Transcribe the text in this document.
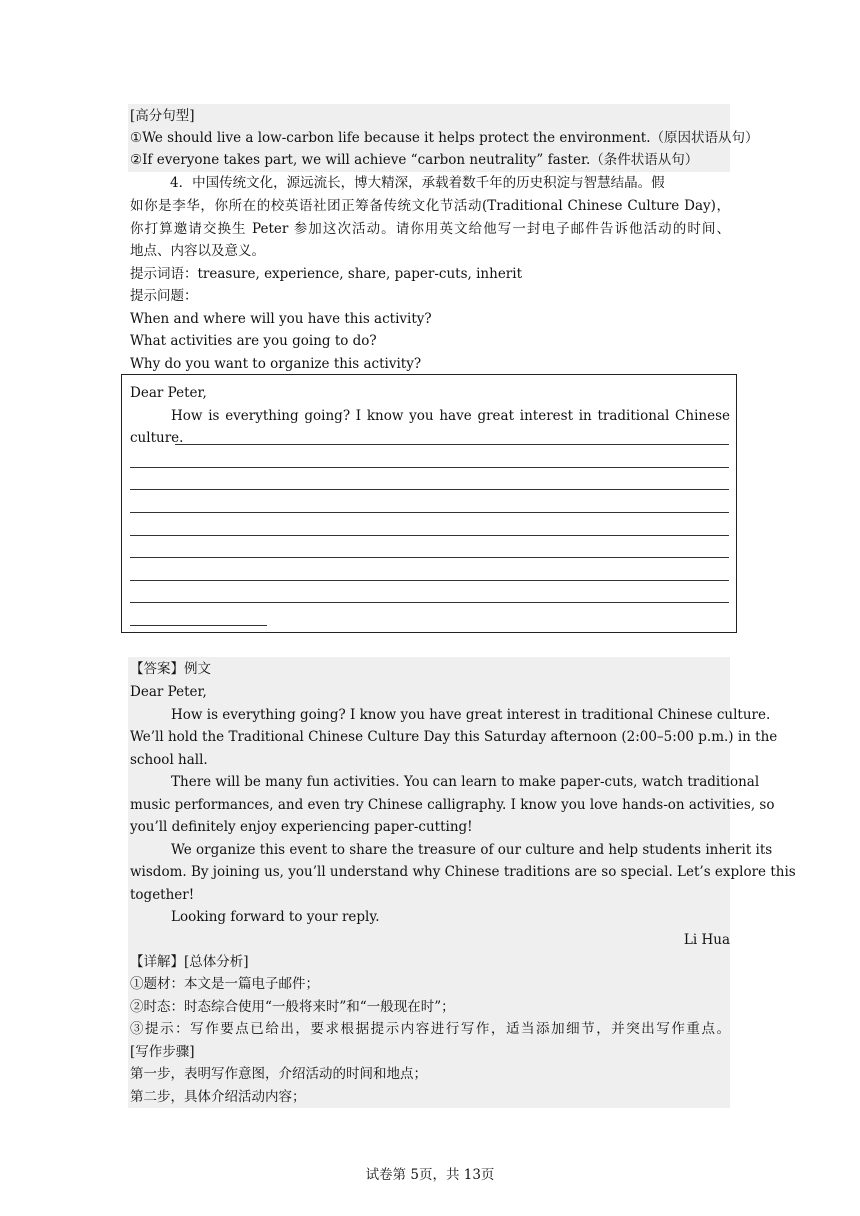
[高分句型]
①We should live a low-carbon life because it helps protect the environment.（原因状语从句）
②If everyone takes part, we will achieve “carbon neutrality” faster.（条件状语从句）
4．中国传统文化，源远流长，博大精深，承载着数千年的历史积淀与智慧结晶。假
如你是李华，你所在的校英语社团正筹备传统文化节活动(Traditional Chinese Culture Day)，
你打算邀请交换生 Peter 参加这次活动。请你用英文给他写一封电子邮件告诉他活动的时间、
地点、内容以及意义。
提示词语：treasure, experience, share, paper-cuts, inherit
提示问题：
When and where will you have this activity?
What activities are you going to do?
Why do you want to organize this activity?
Dear Peter,
How is everything going? I know you have great interest in traditional Chinese
culture.
【答案】例文
Dear Peter,
How is everything going? I know you have great interest in traditional Chinese culture.
We’ll hold the Traditional Chinese Culture Day this Saturday afternoon (2:00–5:00 p.m.) in the
school hall.
There will be many fun activities. You can learn to make paper-cuts, watch traditional
music performances, and even try Chinese calligraphy. I know you love hands-on activities, so
you’ll definitely enjoy experiencing paper-cutting!
We organize this event to share the treasure of our culture and help students inherit its
wisdom. By joining us, you’ll understand why Chinese traditions are so special. Let’s explore this
together!
Looking forward to your reply.
Li Hua
【详解】[总体分析]
①题材：本文是一篇电子邮件；
②时态：时态综合使用“一般将来时”和“一般现在时”；
③提示：写作要点已给出，要求根据提示内容进行写作，适当添加细节，并突出写作重点。
[写作步骤]
第一步，表明写作意图，介绍活动的时间和地点；
第二步，具体介绍活动内容；
试卷第 5页，共 13页
